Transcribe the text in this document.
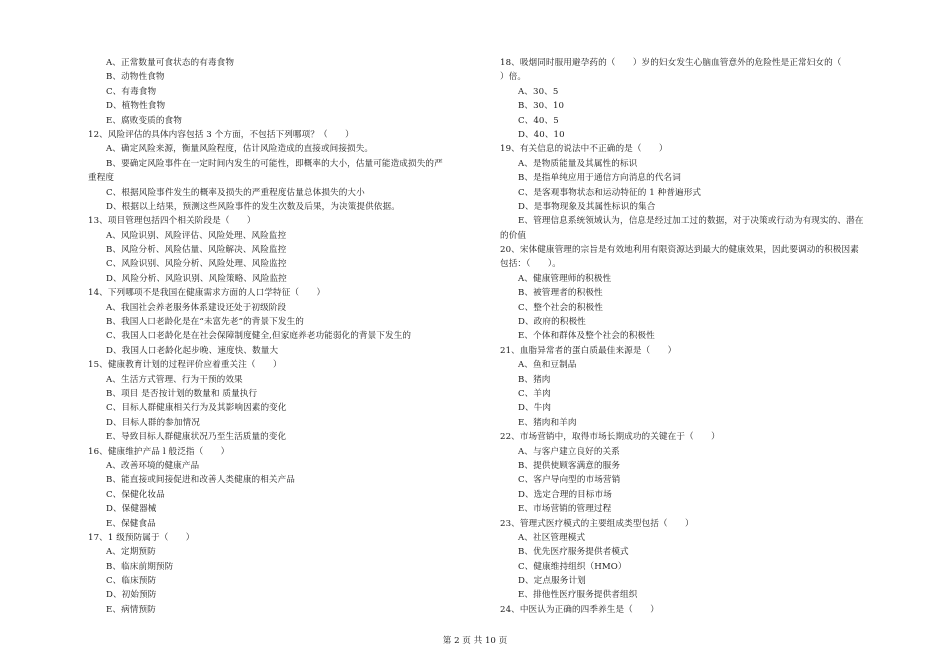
A、正常数量可食状态的有毒食物
B、动物性食物
C、有毒食物
D、植物性食物
E、腐败变质的食物
12、风险评估的具体内容包括 3 个方面，不包括下列哪项？（　　）
A、确定风险来源，衡量风险程度，估计风险造成的直接或间接损失。
B、要确定风险事件在一定时间内发生的可能性，即概率的大小，估量可能造成损失的严
重程度
C、根据风险事件发生的概率及损失的严重程度估量总体损失的大小
D、根据以上结果，预测这些风险事件的发生次数及后果，为决策提供依据。
13、项目管理包括四个相关阶段是（　　）
A、风险识别、风险评估、风险处理、风险监控
B、风险分析、风险估量、风险解决、风险监控
C、风险识别、风险分析、风险处理、风险监控
D、风险分析、风险识别、风险策略、风险监控
14、下列哪项不是我国在健康需求方面的人口学特征（　　）
A、我国社会养老服务体系建设还处于初级阶段
B、我国人口老龄化是在“未富先老”的背景下发生的
C、我国人口老龄化是在社会保障制度健全,但家庭养老功能弱化的背景下发生的
D、我国人口老龄化起步晚、速度快、数量大
15、健康教育计划的过程评价应着重关注（　　）
A、生活方式管理、行为干预的效果
B、项目 是否按计划的数量和 质量执行
C、目标人群健康相关行为及其影响因素的变化
D、目标人群的参加情况
E、导致目标人群健康状况乃至生活质量的变化
16、健康维护产品 l 般泛指（　　）
A、改善环境的健康产品
B、能直接或间接促进和改善人类健康的相关产品
C、保健化妆品
D、保健器械
E、保健食品
17、1 级预防属于（　　）
A、定期预防
B、临床前期预防
C、临床预防
D、初始预防
E、病情预防
18、吸烟同时服用避孕药的（　　）岁的妇女发生心脑血管意外的危险性是正常妇女的（
）倍。
A、30、5
B、30、10
C、40、5
D、40、10
19、有关信息的说法中不正确的是（　　）
A、是物质能量及其属性的标识
B、是指单纯应用于通信方向消息的代名词
C、是客观事物状态和运动特征的 1 种普遍形式
D、是事物现象及其属性标识的集合
E、管理信息系统领域认为，信息是经过加工过的数据，对于决策或行动为有现实的、潜在
的价值
20、宋体健康管理的宗旨是有效地利用有限资源达到最大的健康效果，因此要调动的积极因素
包括：（　　）。
A、健康管理师的积极性
B、被管理者的积极性
C、整个社会的积极性
D、政府的积极性
E、个体和群体及整个社会的积极性
21、血脂异常者的蛋白质最佳来源是（　　）
A、鱼和豆制品
B、猪肉
C、羊肉
D、牛肉
E、猪肉和羊肉
22、市场营销中，取得市场长期成功的关键在于（　　）
A、与客户建立良好的关系
B、提供使顾客满意的服务
C、客户导向型的市场营销
D、选定合理的目标市场
E、市场营销的管理过程
23、管理式医疗模式的主要组成类型包括（　　）
A、社区管理模式
B、优先医疗服务提供者模式
C、健康维持组织（HMO）
D、定点服务计划
E、排他性医疗服务提供者组织
24、中医认为正确的四季养生是（　　）
第 2 页 共 10 页
